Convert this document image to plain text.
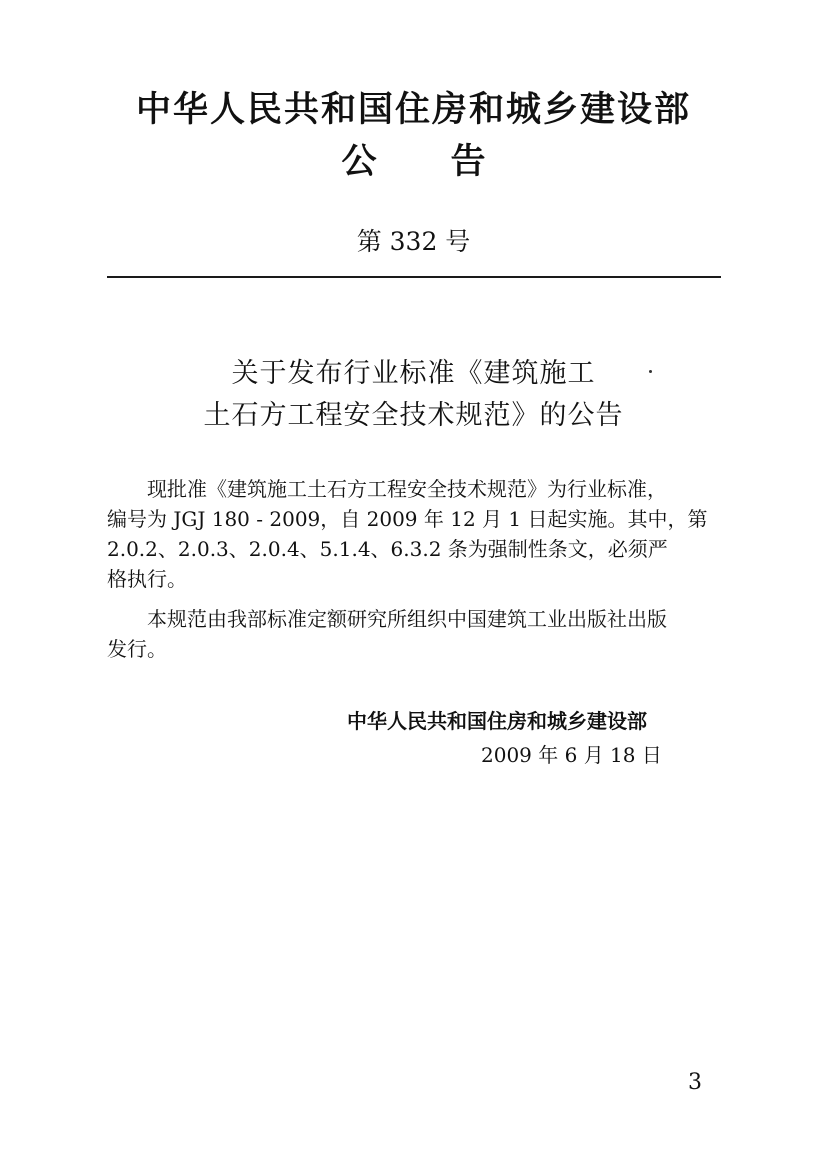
中华人民共和国住房和城乡建设部
公 告
第 332 号
关于发布行业标准《建筑施工
土石方工程安全技术规范》的公告
现批准《建筑施工土石方工程安全技术规范》为行业标准，
编号为 JGJ 180 - 2009，自 2009 年 12 月 1 日起实施。其中，第
2.0.2、2.0.3、2.0.4、5.1.4、6.3.2 条为强制性条文，必须严
格执行。
本规范由我部标准定额研究所组织中国建筑工业出版社出版
发行。
中华人民共和国住房和城乡建设部
2009 年 6 月 18 日
3
